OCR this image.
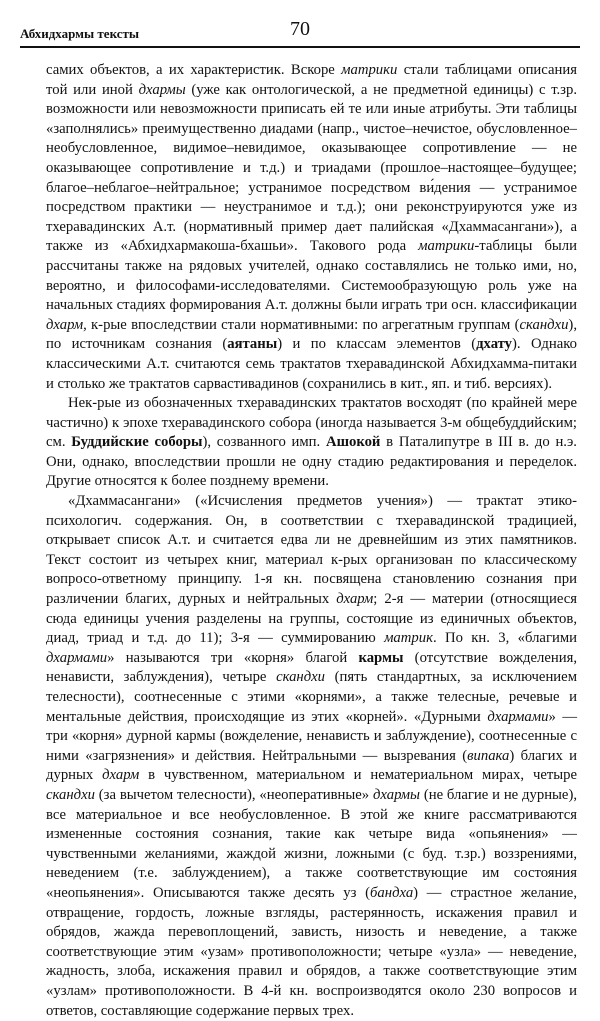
Абхидхармы тексты	70

самих объектов, а их характеристик. Вскоре матрики стали таблицами описания той или иной дхармы (уже как онтологической, а не предметной единицы) с т.зр. возможности или невозможности приписать ей те или иные атрибуты. Эти таблицы «заполнялись» преимущественно диадами (напр., чистое–нечистое, обусловленное–необусловленное, видимое–невидимое, оказывающее сопротивление — не оказывающее сопротивление и т.д.) и триадами (прошлое–настоящее–будущее; благое–неблагое–нейтральное; устранимое посредством ви́дения — устранимое посредством практики — неустранимое и т.д.); они реконструируются уже из тхеравадинских А.т. (нормативный пример дает палийская «Дхаммасангани»), а также из «Абхидхармакоша-бхашьи». Такового рода матрики-таблицы были рассчитаны также на рядовых учителей, однако составлялись не только ими, но, вероятно, и философами-исследователями. Системообразующую роль уже на начальных стадиях формирования А.т. должны были играть три осн. классификации дхарм, к-рые впоследствии стали нормативными: по агрегатным группам (скандхи), по источникам сознания (аятаны) и по классам элементов (дхату). Однако классическими А.т. считаются семь трактатов тхеравадинской Абхидхамма-питаки и столько же трактатов сарвастивадинов (сохранились в кит., яп. и тиб. версиях).

Нек-рые из обозначенных тхеравадинских трактатов восходят (по крайней мере частично) к эпохе тхеравадинского собора (иногда называется 3-м общебуддийским; см. Буддийские соборы), созванного имп. Ашокой в Паталипутре в III в. до н.э. Они, однако, впоследствии прошли не одну стадию редактирования и переделок. Другие относятся к более позднему времени.

«Дхаммасангани» («Исчисления предметов учения») — трактат этико-психологич. содержания. Он, в соответствии с тхеравадинской традицией, открывает список А.т. и считается едва ли не древнейшим из этих памятников. Текст состоит из четырех книг, материал к-рых организован по классическому вопросо-ответному принципу. 1-я кн. посвящена становлению сознания при различении благих, дурных и нейтральных дхарм; 2-я — материи (относящиеся сюда единицы учения разделены на группы, состоящие из единичных объектов, диад, триад и т.д. до 11); 3-я — суммированию матрик. По кн. 3, «благими дхармами» называются три «корня» благой кармы (отсутствие вожделения, ненависти, заблуждения), четыре скандхи (пять стандартных, за исключением телесности), соотнесенные с этими «корнями», а также телесные, речевые и ментальные действия, происходящие из этих «корней». «Дурными дхармами» — три «корня» дурной кармы (вожделение, ненависть и заблуждение), соотнесенные с ними «загрязнения» и действия. Нейтральными — вызревания (випака) благих и дурных дхарм в чувственном, материальном и нематериальном мирах, четыре скандхи (за вычетом телесности), «неоперативные» дхармы (не благие и не дурные), все материальное и все необусловленное. В этой же книге рассматриваются измененные состояния сознания, такие как четыре вида «опьянения» — чувственными желаниями, жаждой жизни, ложными (с буд. т.зр.) воззрениями, неведением (т.е. заблуждением), а также соответствующие им состояния «неопьянения». Описываются также десять уз (бандха) — страстное желание, отвращение, гордость, ложные взгляды, растерянность, искажения правил и обрядов, жажда перевоплощений, зависть, низость и неведение, а также соответствующие этим «узам» противоположности; четыре «узла» — неведение, жадность, злоба, искажения правил и обрядов, а также соответствующие этим «узлам» противоположности. В 4-й кн. воспроизводятся около 230 вопросов и ответов, составляющие содержание первых трех.
